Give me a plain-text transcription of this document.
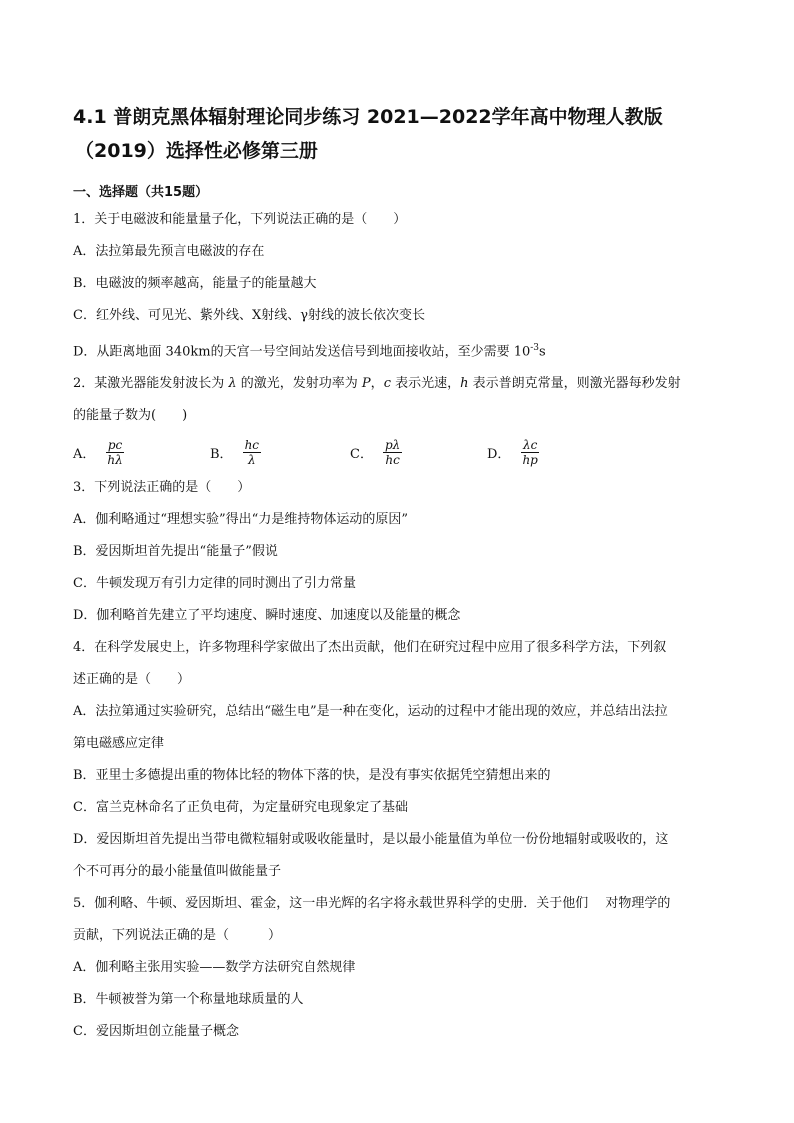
4.1 普朗克黑体辐射理论同步练习 2021—2022学年高中物理人教版
（2019）选择性必修第三册
一、选择题（共15题）
1．关于电磁波和能量量子化，下列说法正确的是（　　）
A．法拉第最先预言电磁波的存在
B．电磁波的频率越高，能量子的能量越大
C．红外线、可见光、紫外线、X射线、γ射线的波长依次变长
D．从距离地面 340km的天宫一号空间站发送信号到地面接收站，至少需要 $10^{-3}s$
2．某激光器能发射波长为 λ 的激光，发射功率为 P，c 表示光速，h 表示普朗克常量，则激光器每秒发射
的能量子数为(　　)
A． $\frac{pc}{h\lambda}$	B． $\frac{hc}{\lambda}$	C． $\frac{p\lambda}{hc}$	D． $\frac{\lambda c}{hp}$
3．下列说法正确的是（　　）
A．伽利略通过“理想实验”得出“力是维持物体运动的原因”
B．爱因斯坦首先提出“能量子”假说
C．牛顿发现万有引力定律的同时测出了引力常量
D．伽利略首先建立了平均速度、瞬时速度、加速度以及能量的概念
4．在科学发展史上，许多物理科学家做出了杰出贡献，他们在研究过程中应用了很多科学方法，下列叙
述正确的是（　　）
A．法拉第通过实验研究，总结出“磁生电”是一种在变化，运动的过程中才能出现的效应，并总结出法拉
第电磁感应定律
B．亚里士多德提出重的物体比轻的物体下落的快，是没有事实依据凭空猜想出来的
C．富兰克林命名了正负电荷，为定量研究电现象定了基础
D．爱因斯坦首先提出当带电微粒辐射或吸收能量时，是以最小能量值为单位一份份地辐射或吸收的，这
个不可再分的最小能量值叫做能量子
5．伽利略、牛顿、爱因斯坦、霍金，这一串光辉的名字将永载世界科学的史册．关于他们　 对物理学的
贡献，下列说法正确的是（　　　）
A．伽利略主张用实验——数学方法研究自然规律
B．牛顿被誉为第一个称量地球质量的人
C．爱因斯坦创立能量子概念
